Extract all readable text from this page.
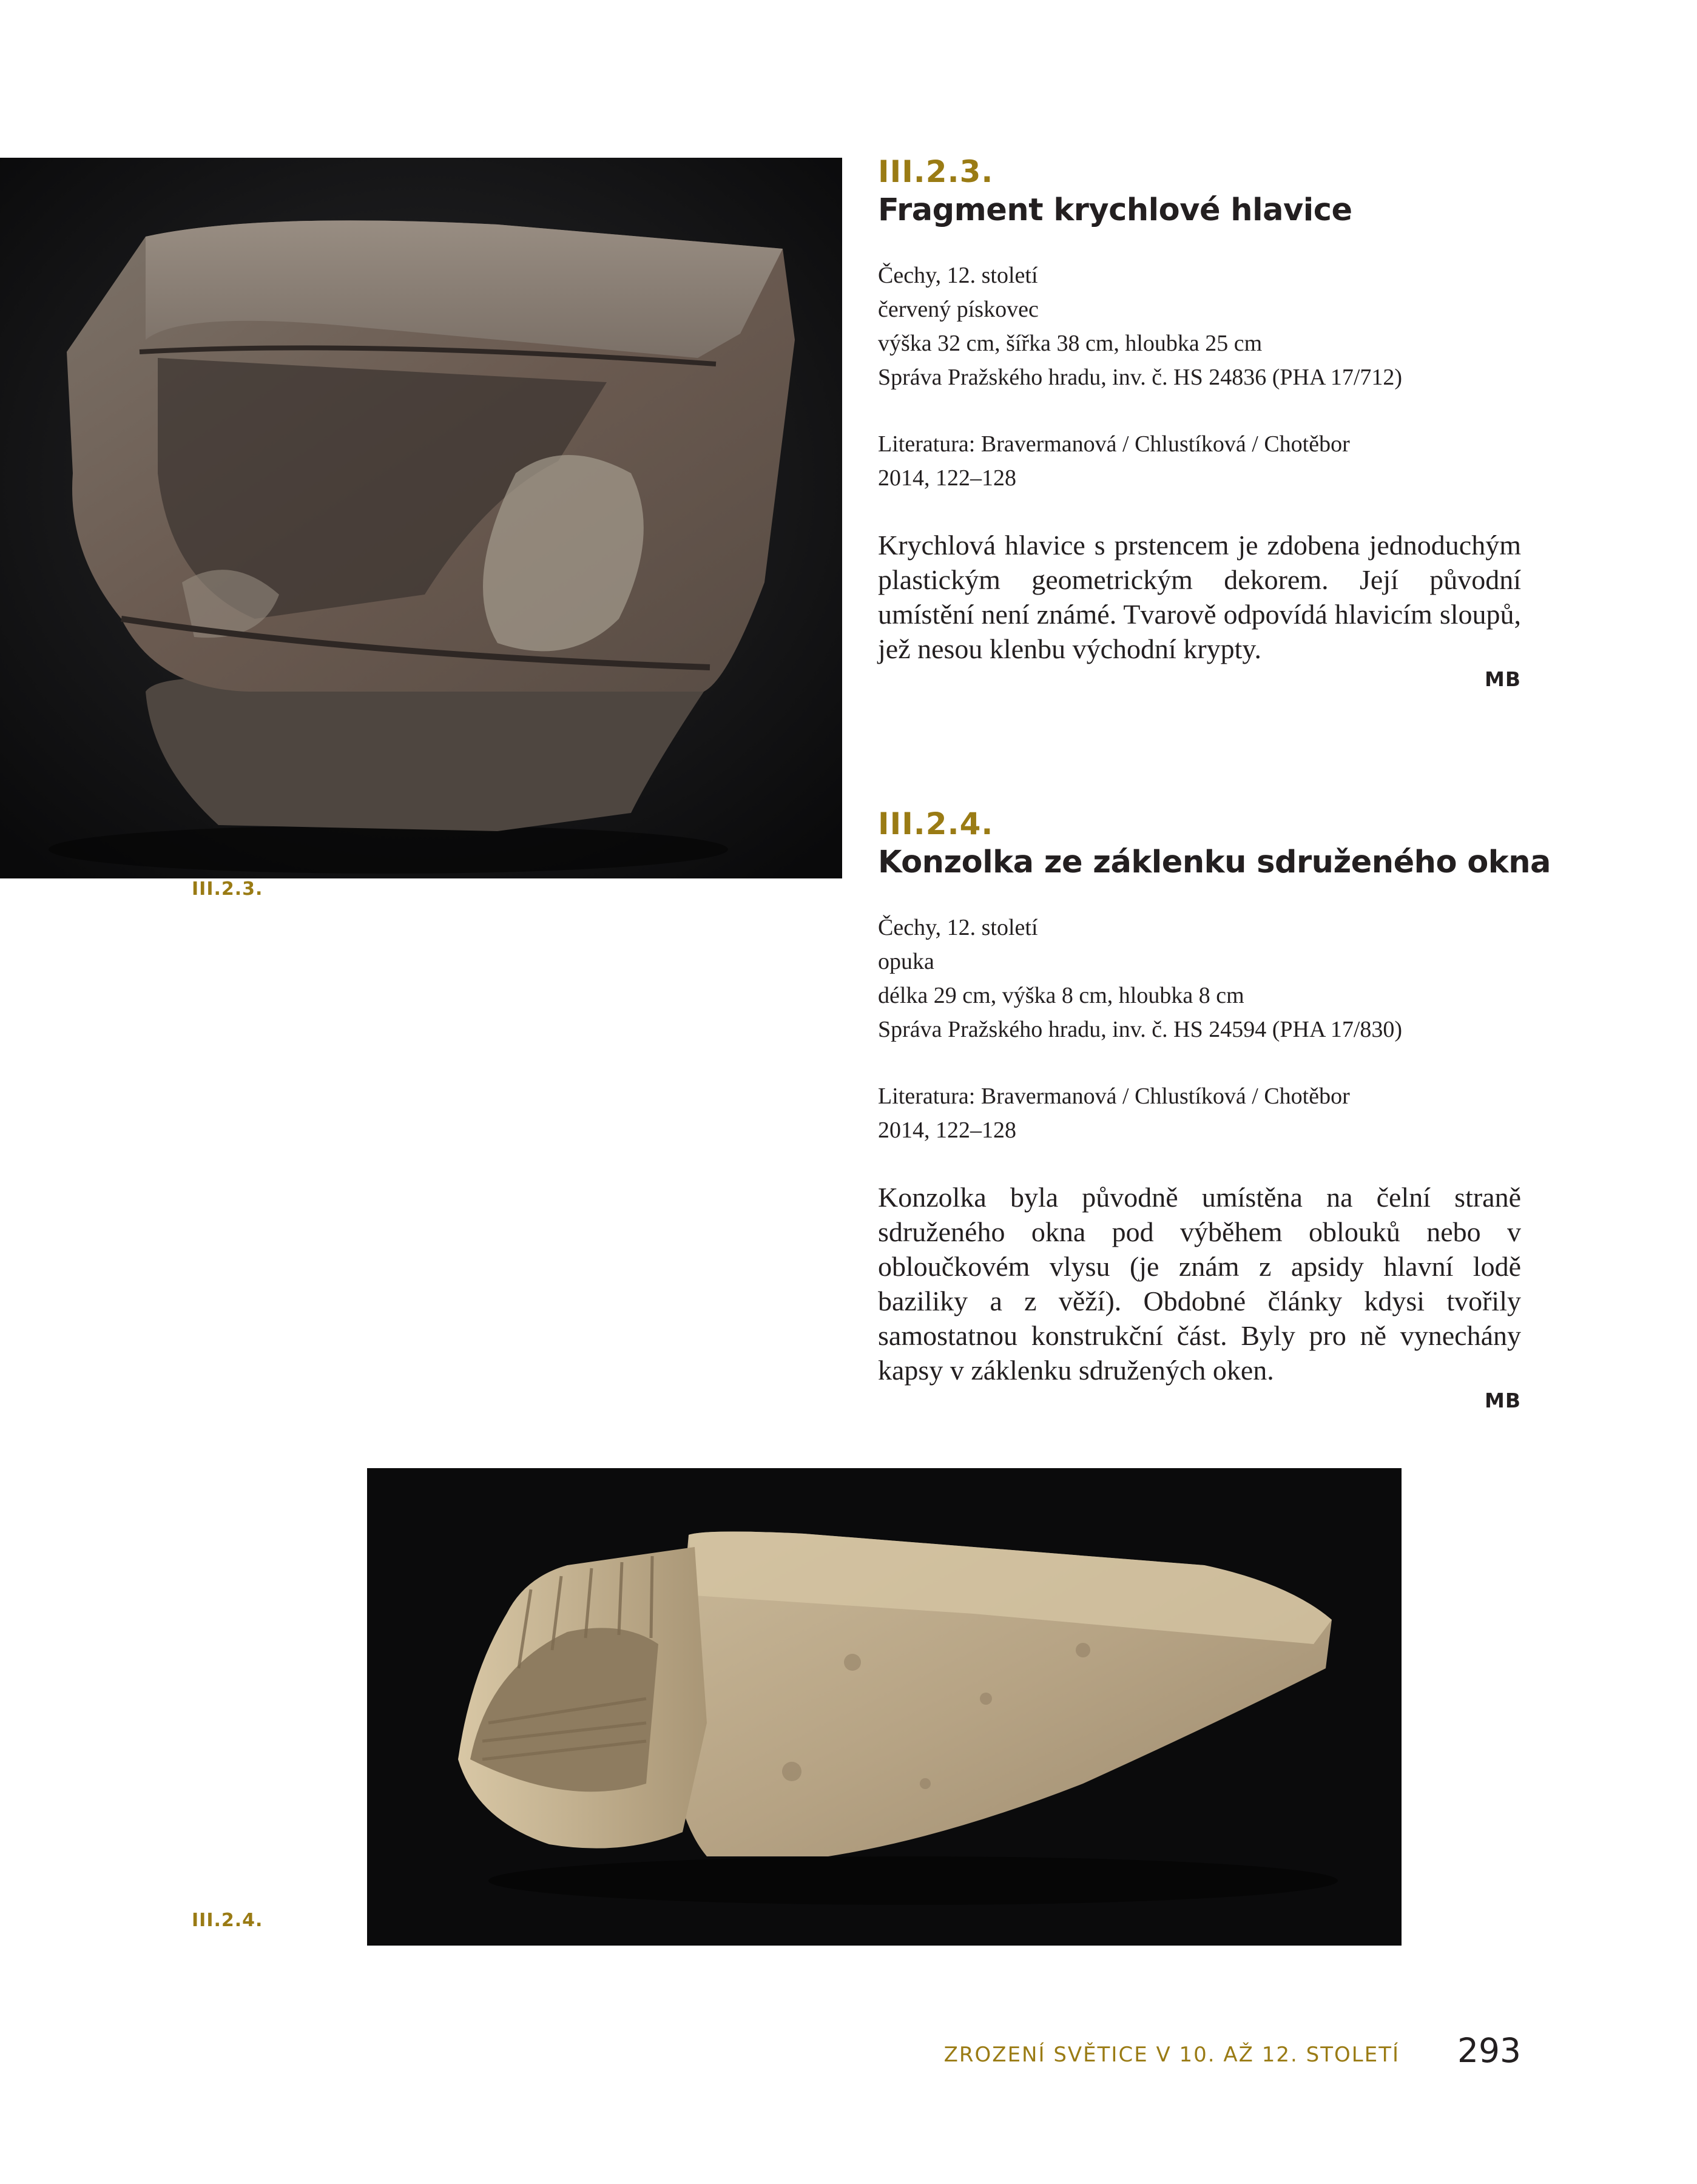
III.2.3.
III.2.3.
Fragment krychlové hlavice
Čechy, 12. století
červený pískovec
výška 32 cm, šířka 38 cm, hloubka 25 cm
Správa Pražského hradu, inv. č. HS 24836 (PHA 17/712)
Literatura: Bravermanová / Chlustíková / Chotěbor
2014, 122–128
Krychlová hlavice s prstencem je zdobena jednoduchým plastickým geometrickým dekorem. Její původní umístění není známé. Tvarově odpovídá hlavicím sloupů, jež nesou klenbu východní krypty.
MB
III.2.4.
Konzolka ze záklenku sdruženého okna
Čechy, 12. století
opuka
délka 29 cm, výška 8 cm, hloubka 8 cm
Správa Pražského hradu, inv. č. HS 24594 (PHA 17/830)
Literatura: Bravermanová / Chlustíková / Chotěbor
2014, 122–128
Konzolka byla původně umístěna na čelní straně sdruženého okna pod výběhem oblouků nebo v obloučkovém vlysu (je znám z apsidy hlavní lodě baziliky a z věží). Obdobné články kdysi tvořily samostatnou konstrukční část. Byly pro ně vynechány kapsy v záklenku sdružených oken.
MB
III.2.4.
ZROZENÍ SVĚTICE V 10. AŽ 12. STOLETÍ 293
